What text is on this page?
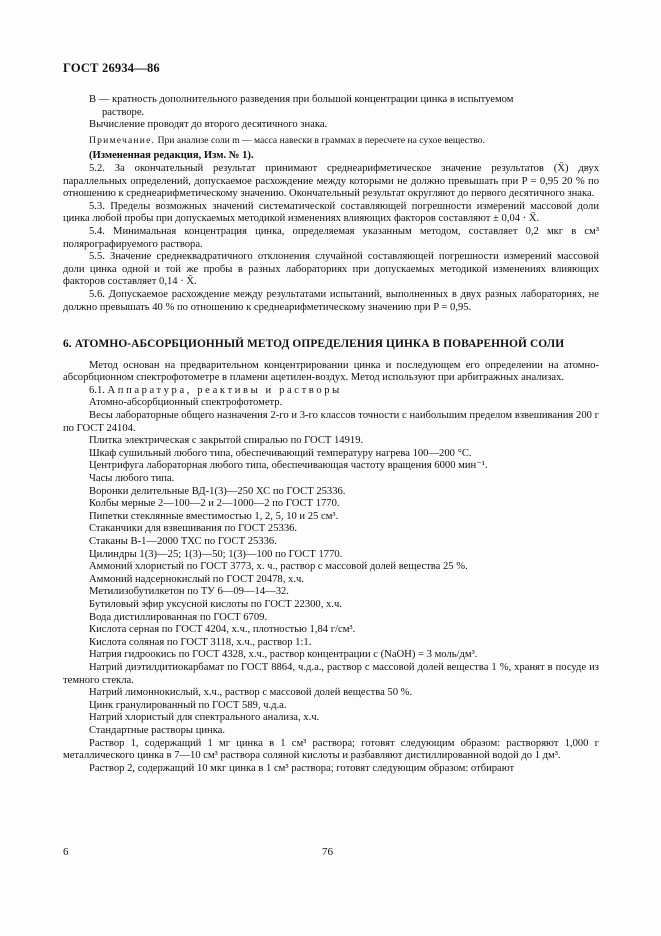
ГОСТ 26934—86

B — кратность дополнительного разведения при большой концентрации цинка в испытуемом
раствоpе.

Вычисление проводят до второго десятичного знака.

Примечание. При анализе соли m — масса навески в граммах в пересчете на сухое вещество.

(Измененная редакция, Изм. № 1).

5.2. За окончательный результат принимают среднеарифметическое значение результатов (X̄) двух параллельных определений, допускаемое расхождение между которыми не должно превышать при P = 0,95 20 % по отношению к среднеарифметическому значению. Окончательный результат округляют до первого десятичного знака.

5.3. Пределы возможных значений систематической составляющей погрешности измерений массовой доли цинка любой пробы при допускаемых методикой изменениях влияющих факторов составляют ± 0,04 · X̄.

5.4. Минимальная концентрация цинка, определяемая указанным методом, составляет 0,2 мкг в см³ полярографируемого раствора.

5.5. Значение среднеквадратичного отклонения случайной составляющей погрешности измерений массовой доли цинка одной и той же пробы в разных лабораториях при допускаемых методикой изменениях влияющих факторов составляет 0,14 · X̄.

5.6. Допускаемое расхождение между результатами испытаний, выполненных в двух разных лабораториях, не должно превышать 40 % по отношению к среднеарифметическому значению при P = 0,95.

6. АТОМНО-АБСОРБЦИОННЫЙ МЕТОД ОПРЕДЕЛЕНИЯ ЦИНКА В ПОВАРЕННОЙ СОЛИ

Метод основан на предварительном концентрировании цинка и последующем его определении на атомно-абсорбционном спектрофотометре в пламени ацетилен-воздух. Метод используют при арбитражных анализах.

6.1. Аппаратура, реактивы и растворы

Атомно-абсорбционный спектрофотометр.

Весы лабораторные общего назначения 2-го и 3-го классов точности с наибольшим пределом взвешивания 200 г по ГОСТ 24104.

Плитка электрическая с закрытой спиралью по ГОСТ 14919.

Шкаф сушильный любого типа, обеспечивающий температуру нагрева 100—200 °С.

Центрифуга лабораторная любого типа, обеспечивающая частоту вращения 6000 мин⁻¹.

Часы любого типа.

Воронки делительные ВД-1(3)—250 ХС по ГОСТ 25336.

Колбы мерные 2—100—2 и 2—1000—2 по ГОСТ 1770.

Пипетки стеклянные вместимостью 1, 2, 5, 10 и 25 см³.

Стаканчики для взвешивания по ГОСТ 25336.

Стаканы В-1—2000 ТХС по ГОСТ 25336.

Цилиндры 1(3)—25; 1(3)—50; 1(3)—100 по ГОСТ 1770.

Аммоний хлористый по ГОСТ 3773, х. ч., раствор с массовой долей вещества 25 %.

Аммоний надсернокислый по ГОСТ 20478, х.ч.

Метилизобутилкетон по ТУ 6—09—14—32.

Бутиловый эфир уксусной кислоты по ГОСТ 22300, х.ч.

Вода дистиллированная по ГОСТ 6709.

Кислота серная по ГОСТ 4204, х.ч., плотностью 1,84 г/см³.

Кислота соляная по ГОСТ 3118, х.ч., раствор 1:1.

Натрия гидроокись по ГОСТ 4328, х.ч., раствор концентрации c (NaOH) = 3 моль/дм³.

Натрий диэтилдитиокарбамат по ГОСТ 8864, ч.д.а., раствор с массовой долей вещества 1 %, хранят в посуде из темного стекла.

Натрий лимоннокислый, х.ч., раствор с массовой долей вещества 50 %.

Цинк гранулированный по ГОСТ 589, ч.д.а.

Натрий хлористый для спектрального анализа, х.ч.

Стандартные растворы цинка.

Раствор 1, содержащий 1 мг цинка в 1 см³ раствора; готовят следующим образом: растворяют 1,000 г металлического цинка в 7—10 см³ раствора соляной кислоты и разбавляют дистиллированной водой до 1 дм³.

Раствор 2, содержащий 10 мкг цинка в 1 см³ раствора; готовят следующим образом: отбирают

6	76
